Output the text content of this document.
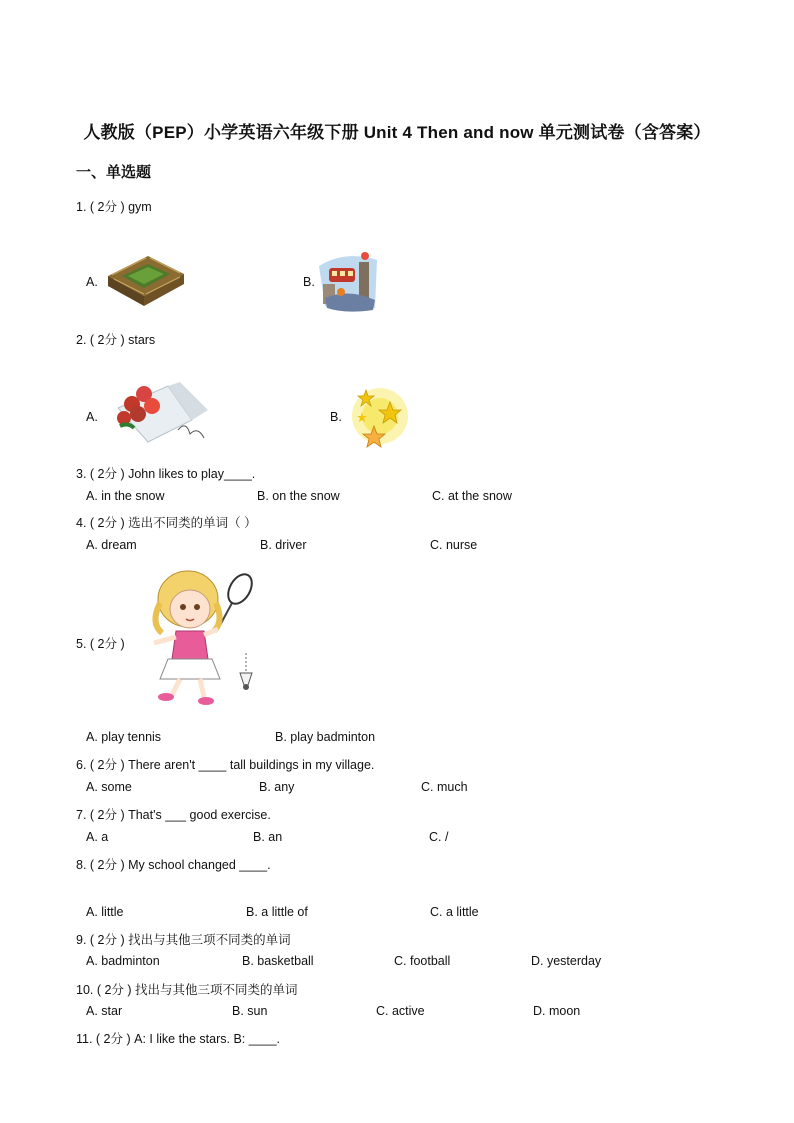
人教版（PEP）小学英语六年级下册 Unit 4 Then and now 单元测试卷（含答案）
一、单选题
1. ( 2分 ) gym
A.	B.
2. ( 2分 ) stars
A.	B.
3. ( 2分 ) John likes to play____.
A. in the snow	B. on the snow	C. at the snow
4. ( 2分 ) 选出不同类的单词（ ）
A. dream	B. driver	C. nurse
5. ( 2分 )
A. play tennis	B. play badminton
6. ( 2分 ) There aren't ____ tall buildings in my village.
A. some	B. any	C. much
7. ( 2分 ) That's ___ good exercise.
A. a	B. an	C. /
8. ( 2分 ) My school changed ____.
A. little	B. a little of	C. a little
9. ( 2分 ) 找出与其他三项不同类的单词
A. badminton	B. basketball	C. football	D. yesterday
10. ( 2分 ) 找出与其他三项不同类的单词
A. star	B. sun	C. active	D. moon
11. ( 2分 ) A: I like the stars. B: ____.
